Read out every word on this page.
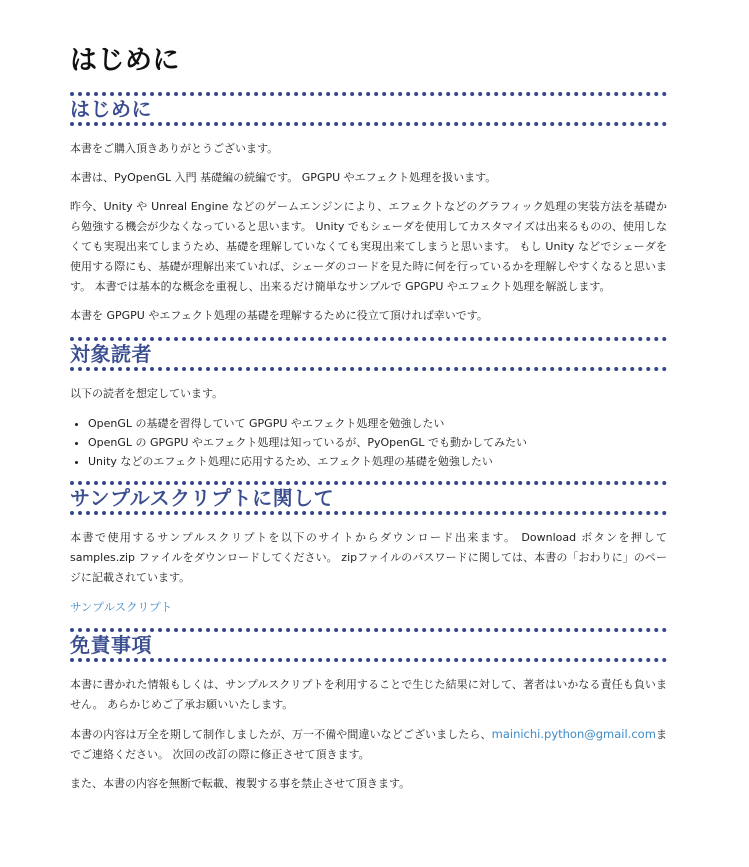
はじめに
はじめに

本書をご購入頂きありがとうございます。

本書は、PyOpenGL 入門 基礎編の続編です。 GPGPU やエフェクト処理を扱います。

昨今、Unity や Unreal Engine などのゲームエンジンにより、エフェクトなどのグラフィック処理の実装方法を基礎から勉強する機会が少なくなっていると思います。 Unity でもシェーダを使用してカスタマイズは出来るものの、使用しなくても実現出来てしまうため、基礎を理解していなくても実現出来てしまうと思います。 もし Unity などでシェーダを使用する際にも、基礎が理解出来ていれば、シェーダのコードを見た時に何を行っているかを理解しやすくなると思います。 本書では基本的な概念を重視し、出来るだけ簡単なサンプルで GPGPU やエフェクト処理を解説します。

本書を GPGPU やエフェクト処理の基礎を理解するために役立て頂ければ幸いです。

対象読者

以下の読者を想定しています。

• OpenGL の基礎を習得していて GPGPU やエフェクト処理を勉強したい
• OpenGL の GPGPU やエフェクト処理は知っているが、PyOpenGL でも動かしてみたい
• Unity などのエフェクト処理に応用するため、エフェクト処理の基礎を勉強したい
サンプルスクリプトに関して

本書で使用するサンプルスクリプトを以下のサイトからダウンロード出来ます。 Download ボタンを押して samples.zip ファイルをダウンロードしてください。 zipファイルのパスワードに関しては、本書の「おわりに」のページに記載されています。

サンプルスクリプト

免責事項

本書に書かれた情報もしくは、サンプルスクリプトを利用することで生じた結果に対して、著者はいかなる責任も負いません。 あらかじめご了承お願いいたします。

本書の内容は万全を期して制作しましたが、万一不備や間違いなどございましたら、mainichi.python@gmail.comまでご連絡ください。 次回の改訂の際に修正させて頂きます。

また、本書の内容を無断で転載、複製する事を禁止させて頂きます。
